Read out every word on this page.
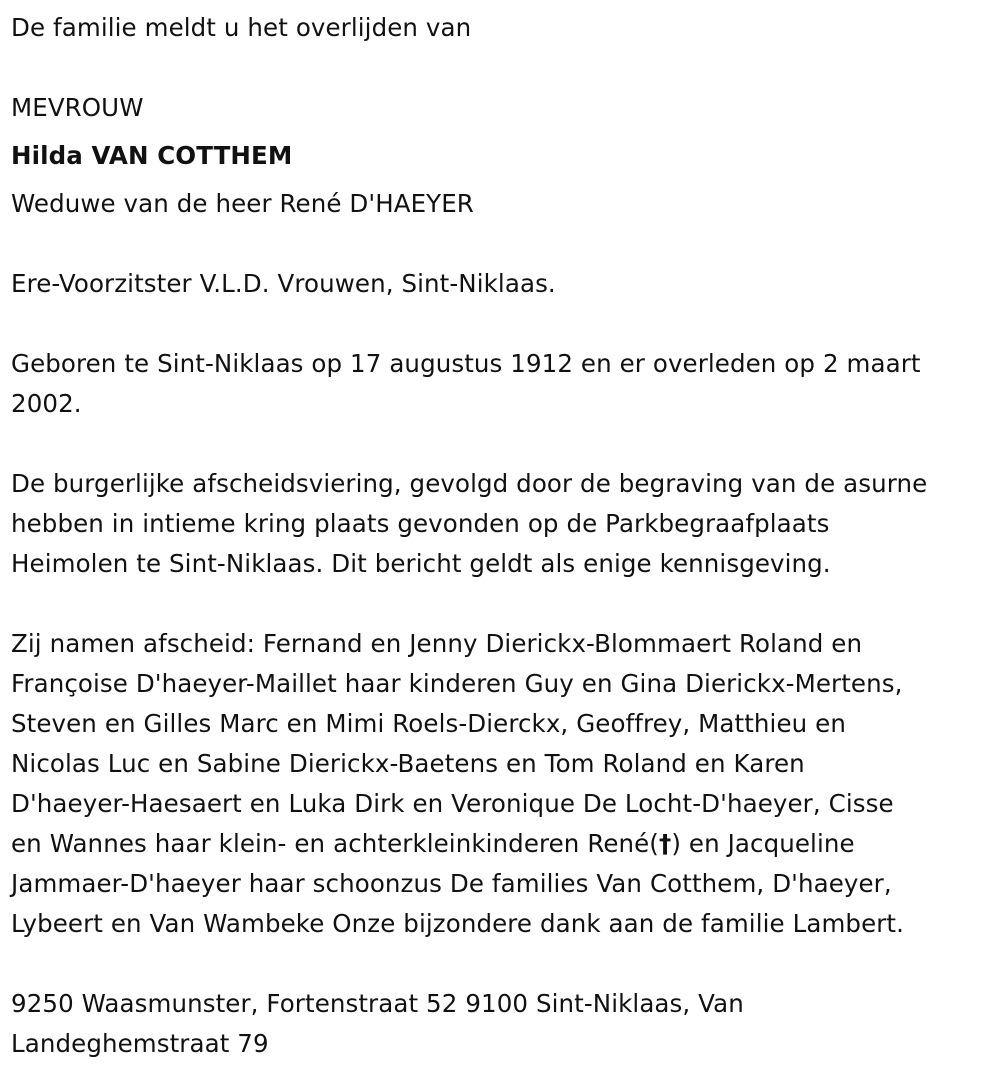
De familie meldt u het overlijden van
MEVROUW
Hilda VAN COTTHEM
Weduwe van de heer René D'HAEYER
Ere-Voorzitster V.L.D. Vrouwen, Sint-Niklaas.

Geboren te Sint-Niklaas op 17 augustus 1912 en er overleden op 2 maart

2002.

De burgerlijke afscheidsviering, gevolgd door de begraving van de asurne

hebben in intieme kring plaats gevonden op de Parkbegraafplaats

Heimolen te Sint-Niklaas. Dit bericht geldt als enige kennisgeving.

Zij namen afscheid: Fernand en Jenny Dierickx-Blommaert Roland en

Françoise D'haeyer-Maillet haar kinderen Guy en Gina Dierickx-Mertens,

Steven en Gilles Marc en Mimi Roels-Dierckx, Geoffrey, Matthieu en

Nicolas Luc en Sabine Dierickx-Baetens en Tom Roland en Karen

D'haeyer-Haesaert en Luka Dirk en Veronique De Locht-D'haeyer, Cisse

en Wannes haar klein- en achterkleinkinderen René(†) en Jacqueline

Jammaer-D'haeyer haar schoonzus De families Van Cotthem, D'haeyer,

Lybeert en Van Wambeke Onze bijzondere dank aan de familie Lambert.

9250 Waasmunster, Fortenstraat 52 9100 Sint-Niklaas, Van

Landeghemstraat 79
